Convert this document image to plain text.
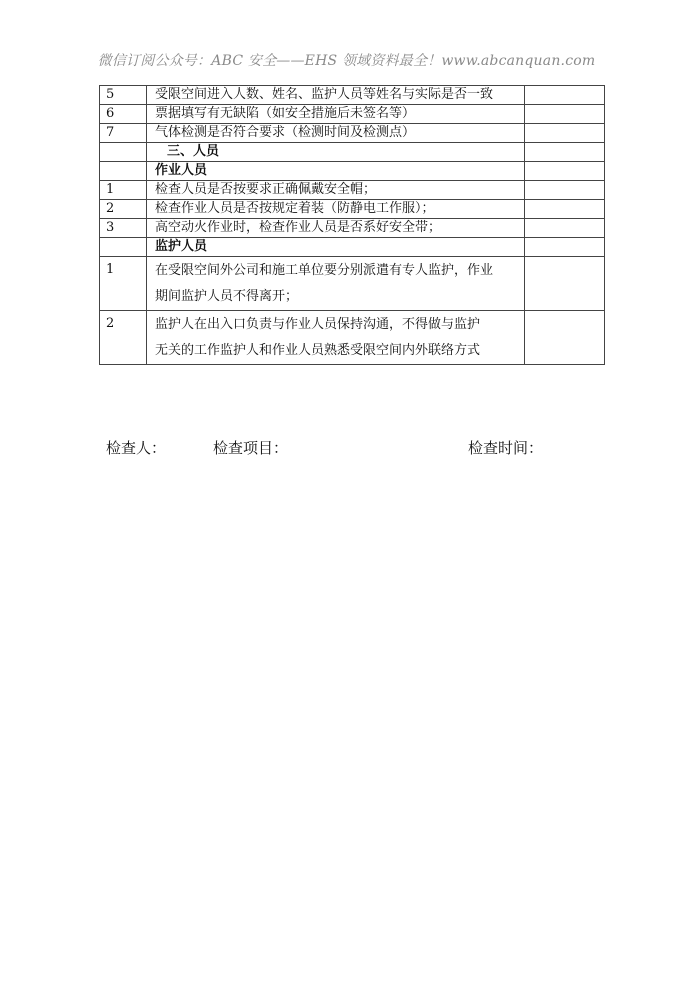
微信订阅公众号：ABC 安全——EHS 领域资料最全！www.abcanquan.com
5	受限空间进入人数、姓名、监护人员等姓名与实际是否一致	
6	票据填写有无缺陷（如安全措施后未签名等）	
7	气体检测是否符合要求（检测时间及检测点）	
	三、人员	
	作业人员	
1	检查人员是否按要求正确佩戴安全帽；	
2	检查作业人员是否按规定着装（防静电工作服）；	
3	高空动火作业时，检查作业人员是否系好安全带；	
	监护人员	
1	在受限空间外公司和施工单位要分别派遣有专人监护，作业
期间监护人员不得离开；	

2	监护人在出入口负责与作业人员保持沟通，不得做与监护
无关的工作监护人和作业人员熟悉受限空间内外联络方式	

检查人：	检查项目：	检查时间：
